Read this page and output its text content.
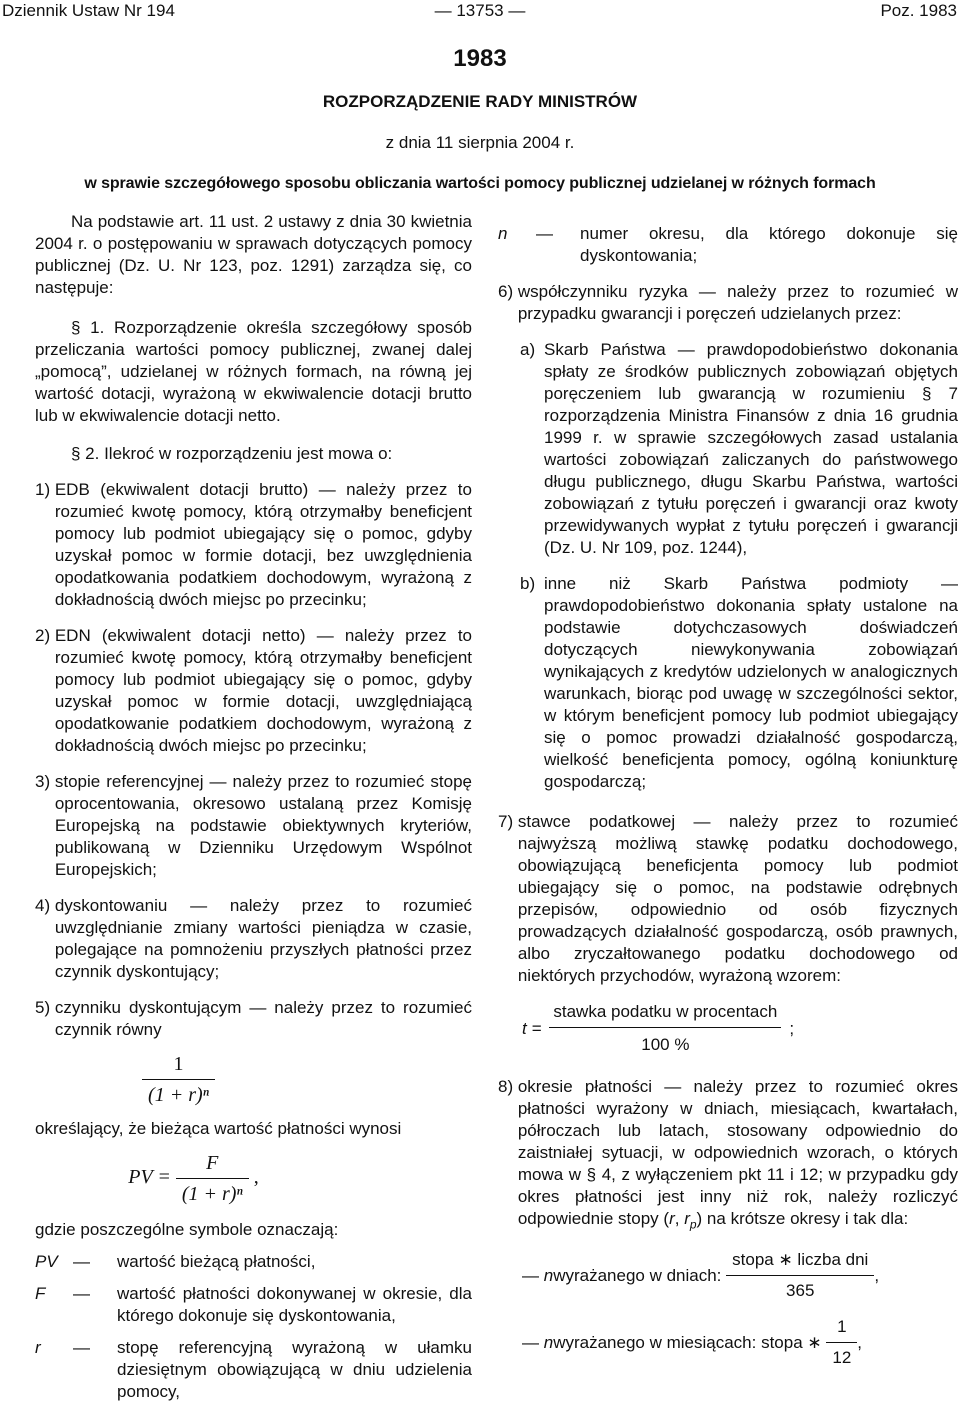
Dziennik Ustaw Nr 194	— 13753 —	Poz. 1983
1983
ROZPORZĄDZENIE RADY MINISTRÓW
z dnia 11 sierpnia 2004 r.
w sprawie szczegółowego sposobu obliczania wartości pomocy publicznej udzielanej w różnych formach

Na podstawie art. 11 ust. 2 ustawy z dnia 30 kwietnia 2004 r. o postępowaniu w sprawach dotyczących pomocy publicznej (Dz. U. Nr 123, poz. 1291) zarządza się, co następuje:

§ 1. Rozporządzenie określa szczegółowy sposób przeliczania wartości pomocy publicznej, zwanej dalej „pomocą”, udzielanej w różnych formach, na równą jej wartość dotacji, wyrażoną w ekwiwalencie dotacji brutto lub w ekwiwalencie dotacji netto.

§ 2. Ilekroć w rozporządzeniu jest mowa o:

1) EDB (ekwiwalent dotacji brutto) — należy przez to rozumieć kwotę pomocy, którą otrzymałby beneficjent pomocy lub podmiot ubiegający się o pomoc, gdyby uzyskał pomoc w formie dotacji, bez uwzględnienia opodatkowania podatkiem dochodowym, wyrażoną z dokładnością dwóch miejsc po przecinku;
2) EDN (ekwiwalent dotacji netto) — należy przez to rozumieć kwotę pomocy, którą otrzymałby beneficjent pomocy lub podmiot ubiegający się o pomoc, gdyby uzyskał pomoc w formie dotacji, uwzględniającą opodatkowanie podatkiem dochodowym, wyrażoną z dokładnością dwóch miejsc po przecinku;
3) stopie referencyjnej — należy przez to rozumieć stopę oprocentowania, okresowo ustalaną przez Komisję Europejską na podstawie obiektywnych kryteriów, publikowaną w Dzienniku Urzędowym Wspólnot Europejskich;
4) dyskontowaniu — należy przez to rozumieć uwzględnianie zmiany wartości pieniądza w czasie, polegające na pomnożeniu przyszłych płatności przez czynnik dyskontujący;
5) czynniku dyskontującym — należy przez to rozumieć czynnik równy
$\frac{1}{\text{(1 + r)ⁿ}}$

określający, że bieżąca wartość płatności wynosi

PV = $\frac{F}{\text{(1 + r)ⁿ}}$ ,

gdzie poszczególne symbole oznaczają:

PV —	wartość bieżącą płatności,
F	—	wartość płatności dokonywanej w okresie, dla którego dokonuje się dyskontowania,
r	—	stopę referencyjną wyrażoną w ułamku dziesiętnym obowiązującą w dniu udzielenia pomocy,
n	—	numer okresu, dla którego dokonuje się dyskontowania;
6) współczynniku ryzyka — należy przez to rozumieć w przypadku gwarancji i poręczeń udzielanych przez:
a) Skarb Państwa — prawdopodobieństwo dokonania spłaty ze środków publicznych zobowiązań objętych poręczeniem lub gwarancją w rozumieniu § 7 rozporządzenia Ministra Finansów z dnia 16 grudnia 1999 r. w sprawie szczegółowych zasad ustalania wartości zobowiązań zaliczanych do państwowego długu publicznego, długu Skarbu Państwa, wartości zobowiązań z tytułu poręczeń i gwarancji oraz kwoty przewidywanych wypłat z tytułu poręczeń i gwarancji (Dz. U. Nr 109, poz. 1244),
b) inne niż Skarb Państwa podmioty — prawdopodobieństwo dokonania spłaty ustalone na podstawie dotychczasowych doświadczeń dotyczących niewykonywania zobowiązań wynikających z kredytów udzielonych w analogicznych warunkach, biorąc pod uwagę w szczególności sektor, w którym beneficjent pomocy lub podmiot ubiegający się o pomoc prowadzi działalność gospodarczą, wielkość beneficjenta pomocy, ogólną koniunkturę gospodarczą;
7) stawce podatkowej — należy przez to rozumieć najwyższą możliwą stawkę podatku dochodowego, obowiązującą beneficjenta pomocy lub podmiot ubiegający się o pomoc, na podstawie odrębnych przepisów, odpowiednio od osób fizycznych prowadzących działalność gospodarczą, osób prawnych, albo zryczałtowanego podatku dochodowego od niektórych przychodów, wyrażoną wzorem:
$t = \frac{\text{stawka podatku w procentach}}{100 \%}$ ;
8) okresie płatności — należy przez to rozumieć okres płatności wyrażony w dniach, miesiącach, kwartałach, półroczach lub latach, stosowany odpowiednio do zaistniałej sytuacji, w odpowiednich wzorach, o których mowa w § 4, z wyłączeniem pkt 11 i 12; w przypadku gdy okres płatności jest inny niż rok, należy rozliczyć odpowiednie stopy (r, $r_p$) na krótsze okresy i tak dla:
—
n wyrażanego w dniach:
$\frac{\text{stopa ∗ liczba dni}}{365}$ ,
—
n wyrażanego w miesiącach: stopa ∗
$\frac{1}{12}$ ,
